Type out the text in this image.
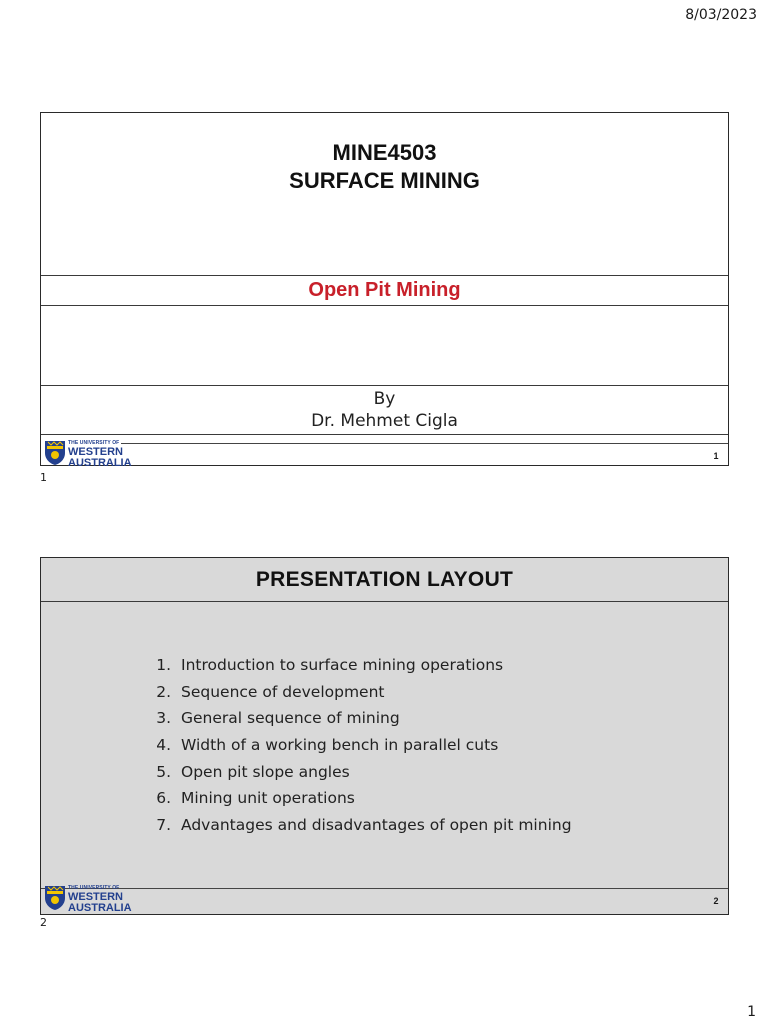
8/03/2023
MINE4503
SURFACE MINING
Open Pit Mining
By
Dr. Mehmet Cigla
THE UNIVERSITY OF
WESTERN
AUSTRALIA
1
1
PRESENTATION LAYOUT
1. Introduction to surface mining operations
2. Sequence of development
3. General sequence of mining
4. Width of a working bench in parallel cuts
5. Open pit slope angles
6. Mining unit operations
7. Advantages and disadvantages of open pit mining
THE UNIVERSITY OF
WESTERN
AUSTRALIA
2
2
1
